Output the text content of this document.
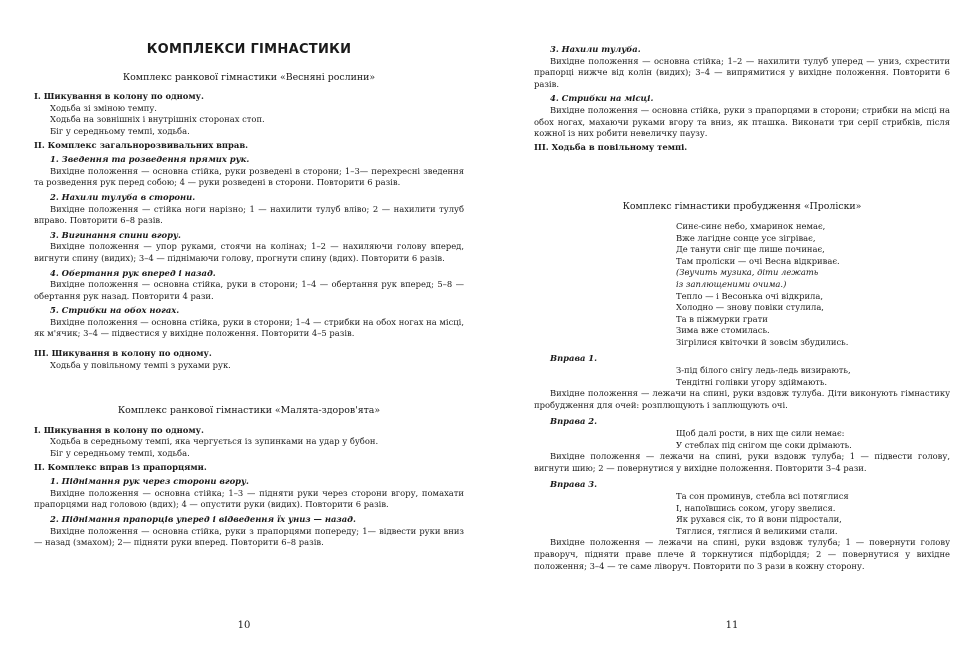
КОМПЛЕКСИ ГІМНАСТИКИ
Комплекс ранкової гімнастики «Весняні рослини»
І. Шикування в колону по одному.
Ходьба зі зміною темпу.
Ходьба на зовнішніх і внутрішніх сторонах стоп.
Біг у середньому темпі, ходьба.
ІІ. Комплекс загальнорозвивальних вправ.
1. Зведення та розведення прямих рук.
Вихідне положення — основна стійка, руки розведені в сторони; 1–3— перехресні зведення та розведення рук перед собою; 4 — руки розведені в сторони. Повторити 6 разів.
2. Нахили тулуба в сторони.
Вихідне положення — стійка ноги нарізно; 1 — нахилити тулуб вліво; 2 — нахилити тулуб вправо. Повторити 6–8 разів.
3. Вигинання спини вгору.
Вихідне положення — упор руками, стоячи на колінах; 1–2 — нахиляючи голову вперед, вигнути спину (видих); 3–4 — піднімаючи голову, прогнути спину (вдих). Повторити 6 разів.
4. Обертання рук вперед і назад.
Вихідне положення — основна стійка, руки в сторони; 1–4 — обертання рук вперед; 5–8 — обертання рук назад. Повторити 4 рази.
5. Стрибки на обох ногах.
Вихідне положення — основна стійка, руки в сторони; 1–4 — стрибки на обох ногах на місці, як м'ячик; 3–4 — підвестися у вихідне положення. Повторити 4–5 разів.
ІІІ. Шикування в колону по одному.
Ходьба у повільному темпі з рухами рук.
Комплекс ранкової гімнастики «Малята-здоров'ята»
І. Шикування в колону по одному.
Ходьба в середньому темпі, яка чергується із зупинками на удар у бубон.
Біг у середньому темпі, ходьба.
ІІ. Комплекс вправ із прапорцями.
1. Піднімання рук через сторони вгору.
Вихідне положення — основна стійка; 1–3 — підняти руки через сторони вгору, помахати прапорцями над головою (вдих); 4 — опустити руки (видих). Повторити 6 разів.
2. Піднімання прапорців уперед і відведення їх униз — назад.
Вихідне положення — основна стійка, руки з прапорцями попереду; 1— відвести руки вниз — назад (змахом); 2— підняти руки вперед. Повторити 6–8 разів.
10
3. Нахили тулуба.
Вихідне положення — основна стійка; 1–2 — нахилити тулуб уперед — униз, схрестити прапорці нижче від колін (видих); 3–4 — випрямитися у вихідне положення. Повторити 6 разів.
4. Стрибки на місці.
Вихідне положення — основна стійка, руки з прапорцями в сторони; стрибки на місці на обох ногах, махаючи руками вгору та вниз, як пташка. Виконати три серії стрибків, після кожної із них робити невеличку паузу.
ІІІ. Ходьба в повільному темпі.
Комплекс гімнастики пробудження «Проліски»
Синє-синє небо, хмаринок немає,
Вже лагідне сонце усе зігріває,
Де танути сніг ще лише починає,
Там проліски — очі Весна відкриває.
(Звучить музика, діти лежать
із заплющеними очима.)
Тепло — і Весонька очі відкрила,
Холодно — знову повіки стулила,
Та в піжмурки грати
Зима вже стомилась.
Зігрілися квіточки й зовсім збудились.
Вправа 1.
З-під білого снігу ледь-ледь визирають,
Тендітні голівки угору здіймають.
Вихідне положення — лежачи на спині, руки вздовж тулуба. Діти виконують гімнастику пробудження для очей: розплющують і заплющують очі.
Вправа 2.
Щоб далі рости, в них ще сили немає:
У стеблах під снігом ще соки дрімають.
Вихідне положення — лежачи на спині, руки вздовж тулуба; 1 — підвести голову, вигнути шию; 2 — повернутися у вихідне положення. Повторити 3–4 рази.
Вправа 3.
Та сон проминув, стебла всі потяглися
І, напоївшись соком, угору звелися.
Як рухався сік, то й вони підростали,
Тяглися, тяглися й великими стали.
Вихідне положення — лежачи на спині, руки вздовж тулуба; 1 — повернути голову праворуч, підняти праве плече й торкнутися підборіддя; 2 — повернутися у вихідне положення; 3–4 — те саме ліворуч. Повторити по 3 рази в кожну сторону.
11
